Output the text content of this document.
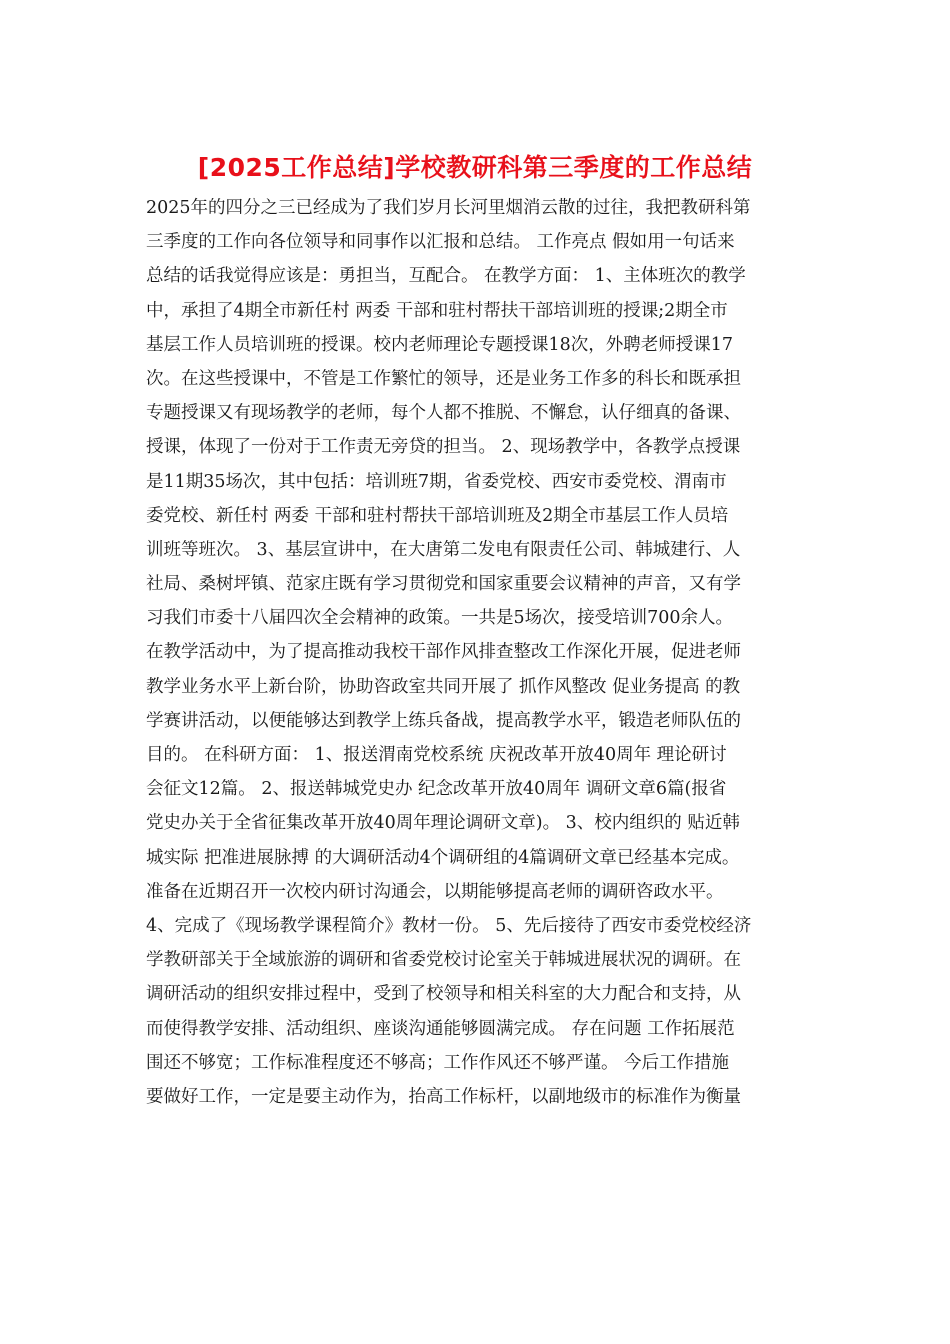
[2025工作总结]学校教研科第三季度的工作总结
2025年的四分之三已经成为了我们岁月长河里烟消云散的过往，我把教研科第
三季度的工作向各位领导和同事作以汇报和总结。 工作亮点 假如用一句话来
总结的话我觉得应该是：勇担当，互配合。 在教学方面： 1、主体班次的教学
中，承担了4期全市新任村 两委 干部和驻村帮扶干部培训班的授课;2期全市
基层工作人员培训班的授课。校内老师理论专题授课18次，外聘老师授课17
次。在这些授课中，不管是工作繁忙的领导，还是业务工作多的科长和既承担
专题授课又有现场教学的老师，每个人都不推脱、不懈怠，认仔细真的备课、
授课，体现了一份对于工作责无旁贷的担当。 2、现场教学中，各教学点授课
是11期35场次，其中包括：培训班7期，省委党校、西安市委党校、渭南市
委党校、新任村 两委 干部和驻村帮扶干部培训班及2期全市基层工作人员培
训班等班次。 3、基层宣讲中，在大唐第二发电有限责任公司、韩城建行、人
社局、桑树坪镇、范家庄既有学习贯彻党和国家重要会议精神的声音，又有学
习我们市委十八届四次全会精神的政策。一共是5场次，接受培训700余人。
在教学活动中，为了提高推动我校干部作风排查整改工作深化开展，促进老师
教学业务水平上新台阶，协助咨政室共同开展了 抓作风整改 促业务提高 的教
学赛讲活动，以便能够达到教学上练兵备战，提高教学水平，锻造老师队伍的
目的。 在科研方面： 1、报送渭南党校系统 庆祝改革开放40周年 理论研讨
会征文12篇。 2、报送韩城党史办 纪念改革开放40周年 调研文章6篇(报省
党史办关于全省征集改革开放40周年理论调研文章)。 3、校内组织的 贴近韩
城实际 把准进展脉搏 的大调研活动4个调研组的4篇调研文章已经基本完成。
准备在近期召开一次校内研讨沟通会，以期能够提高老师的调研咨政水平。
4、完成了《现场教学课程简介》教材一份。 5、先后接待了西安市委党校经济
学教研部关于全域旅游的调研和省委党校讨论室关于韩城进展状况的调研。在
调研活动的组织安排过程中，受到了校领导和相关科室的大力配合和支持，从
而使得教学安排、活动组织、座谈沟通能够圆满完成。 存在问题 工作拓展范
围还不够宽；工作标准程度还不够高；工作作风还不够严谨。 今后工作措施
要做好工作，一定是要主动作为，抬高工作标杆，以副地级市的标准作为衡量
